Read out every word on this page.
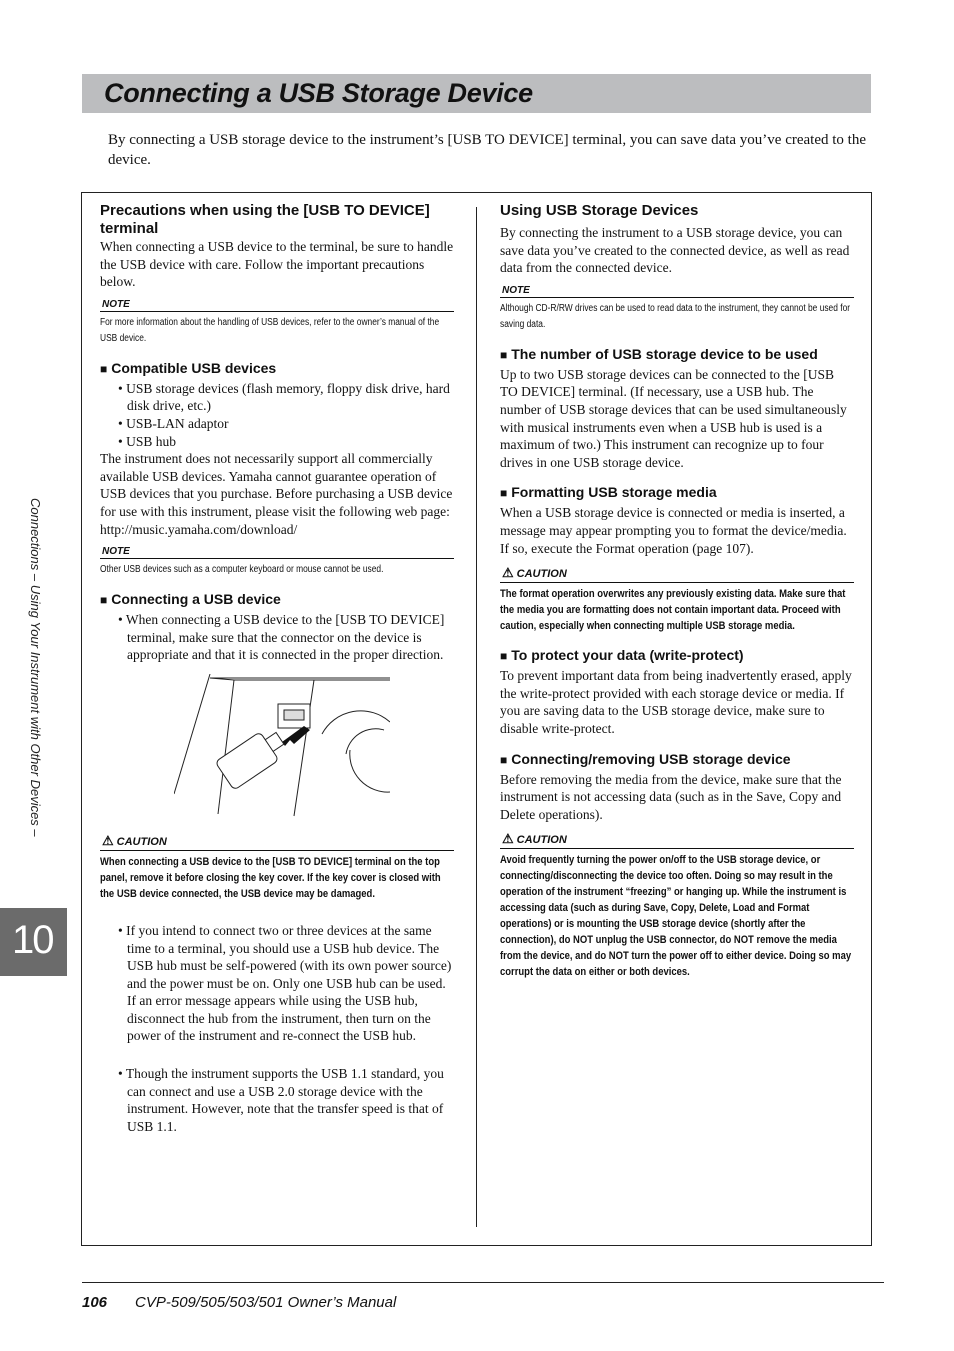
Connecting a USB Storage Device

By connecting a USB storage device to the instrument’s [USB TO DEVICE] terminal, you can save data you’ve created to the device.

Precautions when using the [USB TO DEVICE] terminal

When connecting a USB device to the terminal, be sure to handle the USB device with care. Follow the important precautions below.

NOTE

For more information about the handling of USB devices, refer to the owner’s manual of the USB device.

■ Compatible USB devices
• USB storage devices (flash memory, floppy disk drive, hard disk drive, etc.)
• USB-LAN adaptor
• USB hub

The instrument does not necessarily support all commercially available USB devices. Yamaha cannot guarantee operation of USB devices that you purchase. Before purchasing a USB device for use with this instrument, please visit the following web page:

http://music.yamaha.com/download/

NOTE

Other USB devices such as a computer keyboard or mouse cannot be used.

■ Connecting a USB device
• When connecting a USB device to the [USB TO DEVICE] terminal, make sure that the connector on the device is appropriate and that it is connected in the proper direction.
⚠ CAUTION

When connecting a USB device to the [USB TO DEVICE] terminal on the top panel, remove it before closing the key cover. If the key cover is closed with the USB device connected, the USB device may be damaged.

• If you intend to connect two or three devices at the same time to a terminal, you should use a USB hub device. The USB hub must be self-powered (with its own power source) and the power must be on. Only one USB hub can be used. If an error message appears while using the USB hub, disconnect the hub from the instrument, then turn on the power of the instrument and re-connect the USB hub.
• Though the instrument supports the USB 1.1 standard, you can connect and use a USB 2.0 storage device with the instrument. However, note that the transfer speed is that of USB 1.1.
Using USB Storage Devices

By connecting the instrument to a USB storage device, you can save data you’ve created to the connected device, as well as read data from the connected device.

NOTE

Although CD-R/RW drives can be used to read data to the instrument, they cannot be used for saving data.

■ The number of USB storage device to be used

Up to two USB storage devices can be connected to the [USB TO DEVICE] terminal. (If necessary, use a USB hub. The number of USB storage devices that can be used simultaneously with musical instruments even when a USB hub is used is a maximum of two.) This instrument can recognize up to four drives in one USB storage device.

■ Formatting USB storage media

When a USB storage device is connected or media is inserted, a message may appear prompting you to format the device/media. If so, execute the Format operation (page 107).

⚠ CAUTION

The format operation overwrites any previously existing data. Make sure that the media you are formatting does not contain important data. Proceed with caution, especially when connecting multiple USB storage media.

■ To protect your data (write-protect)

To prevent important data from being inadvertently erased, apply the write-protect provided with each storage device or media. If you are saving data to the USB storage device, make sure to disable write-protect.

■ Connecting/removing USB storage device

Before removing the media from the device, make sure that the instrument is not accessing data (such as in the Save, Copy and Delete operations).

⚠ CAUTION

Avoid frequently turning the power on/off to the USB storage device, or connecting/disconnecting the device too often. Doing so may result in the operation of the instrument “freezing” or hanging up. While the instrument is accessing data (such as during Save, Copy, Delete, Load and Format operations) or is mounting the USB storage device (shortly after the connection), do NOT unplug the USB connector, do NOT remove the media from the device, and do NOT turn the power off to either device. Doing so may corrupt the data on either or both devices.

Connections – Using Your Instrument with Other Devices –
10
106 CVP-509/505/503/501 Owner’s Manual
